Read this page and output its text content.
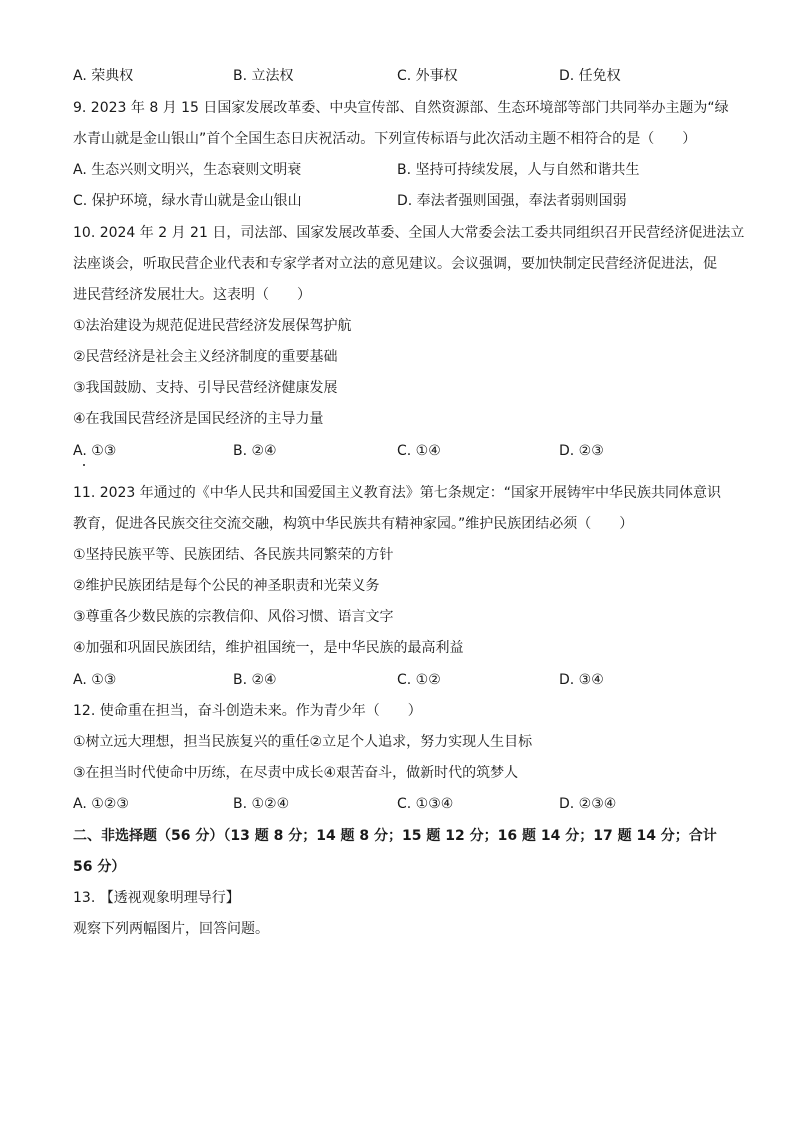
A. 荣典权	B. 立法权	C. 外事权	D. 任免权
9. 2023 年 8 月 15 日国家发展改革委、中央宣传部、自然资源部、生态环境部等部门共同举办主题为“绿
水青山就是金山银山”首个全国生态日庆祝活动。下列宣传标语与此次活动主题不相符合的是（　　）
A. 生态兴则文明兴，生态衰则文明衰	B. 坚持可持续发展，人与自然和谐共生
C. 保护环境，绿水青山就是金山银山	D. 奉法者强则国强，奉法者弱则国弱
10. 2024 年 2 月 21 日，司法部、国家发展改革委、全国人大常委会法工委共同组织召开民营经济促进法立
法座谈会，听取民营企业代表和专家学者对立法的意见建议。会议强调，要加快制定民营经济促进法，促
进民营经济发展壮大。这表明（　　）
①法治建设为规范促进民营经济发展保驾护航
②民营经济是社会主义经济制度的重要基础
③我国鼓励、支持、引导民营经济健康发展
④在我国民营经济是国民经济的主导力量
A. ①③	B. ②④	C. ①④	D. ②③
11. 2023 年通过的《中华人民共和国爱国主义教育法》第七条规定：“国家开展铸牢中华民族共同体意识
教育，促进各民族交往交流交融，构筑中华民族共有精神家园。”维护民族团结必须（　　）
①坚持民族平等、民族团结、各民族共同繁荣的方针
②维护民族团结是每个公民的神圣职责和光荣义务
③尊重各少数民族的宗教信仰、风俗习惯、语言文字
④加强和巩固民族团结，维护祖国统一，是中华民族的最高利益
A. ①③	B. ②④	C. ①②	D. ③④
12. 使命重在担当，奋斗创造未来。作为青少年（　　）
①树立远大理想，担当民族复兴的重任②立足个人追求，努力实现人生目标
③在担当时代使命中历练，在尽责中成长④艰苦奋斗，做新时代的筑梦人
A. ①②③	B. ①②④	C. ①③④	D. ②③④
二、非选择题（56 分）（13 题 8 分；14 题 8 分；15 题 12 分；16 题 14 分；17 题 14 分；合计
56 分）
13. 【透视观象明理导行】
观察下列两幅图片，回答问题。
